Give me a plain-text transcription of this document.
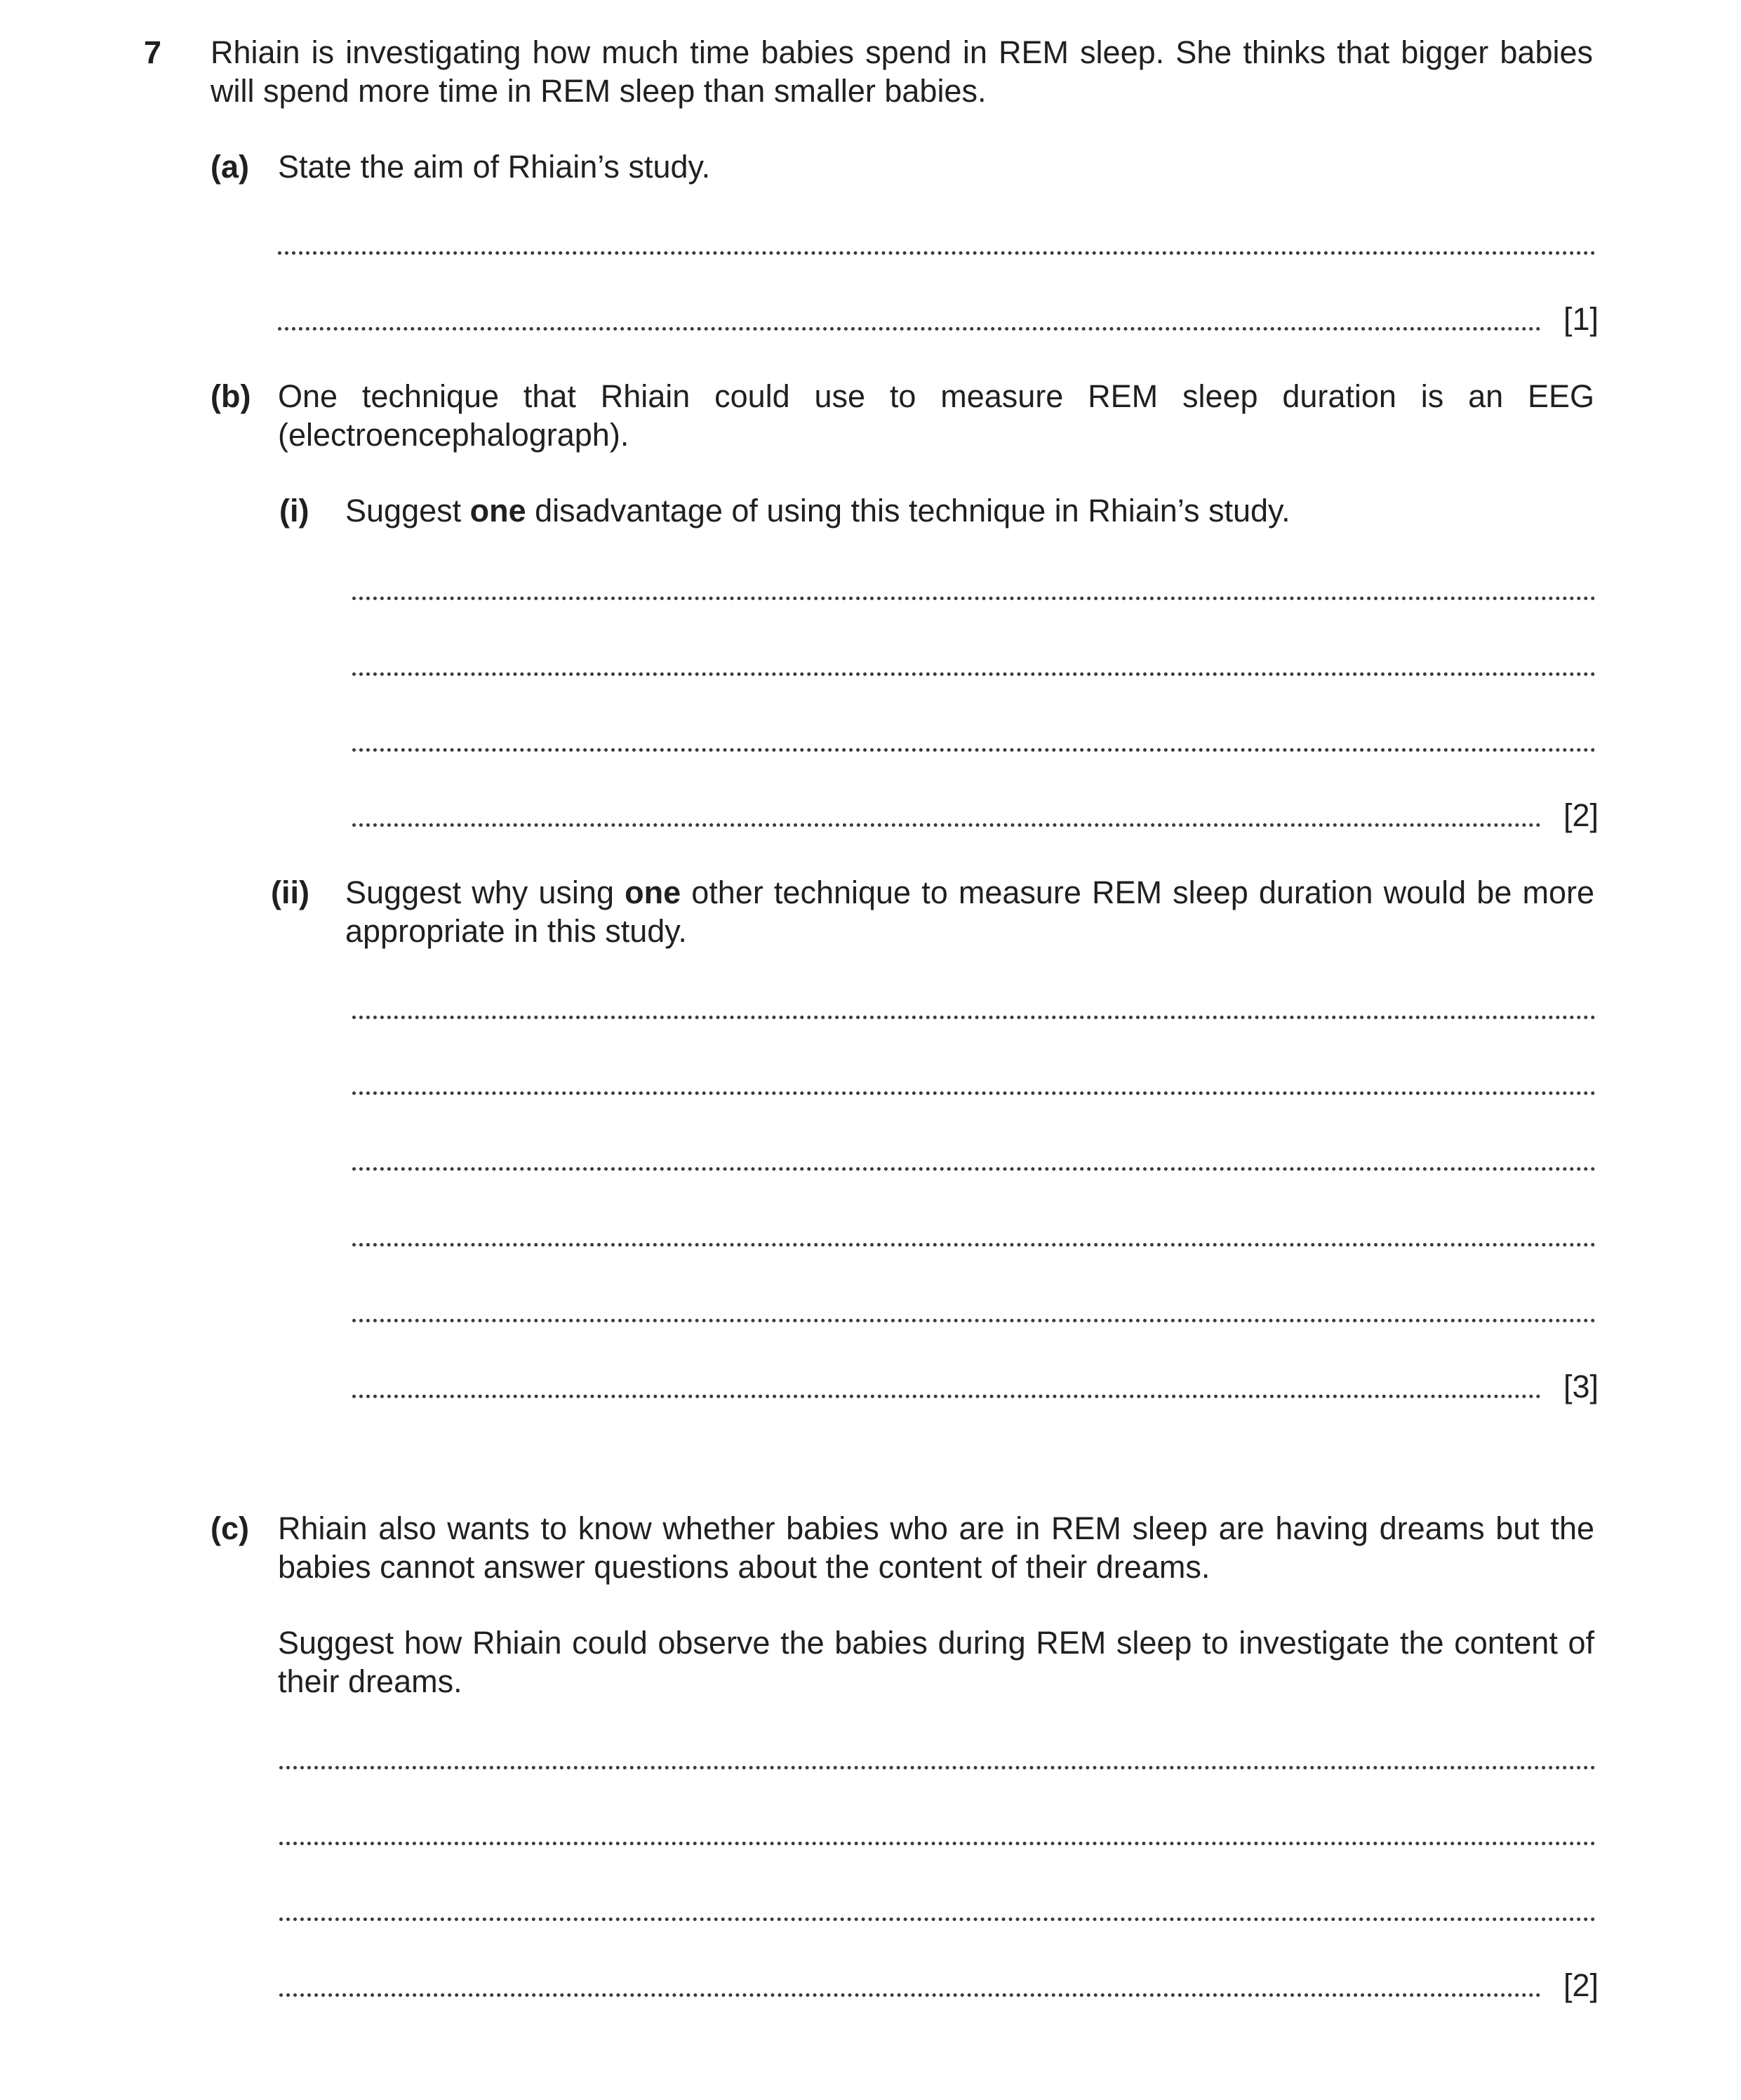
7 Rhiain is investigating how much time babies spend in REM sleep. She thinks that bigger babies
will spend more time in REM sleep than smaller babies.
(a) State the aim of Rhiain’s study.
[1]
(b) One technique that Rhiain could use to measure REM sleep duration is an EEG
(electroencephalograph).
(i) Suggest one disadvantage of using this technique in Rhiain’s study.
[2]
(ii) Suggest why using one other technique to measure REM sleep duration would be more
appropriate in this study.
[3]
(c) Rhiain also wants to know whether babies who are in REM sleep are having dreams but the
babies cannot answer questions about the content of their dreams.
Suggest how Rhiain could observe the babies during REM sleep to investigate the content of
their dreams.
[2]
